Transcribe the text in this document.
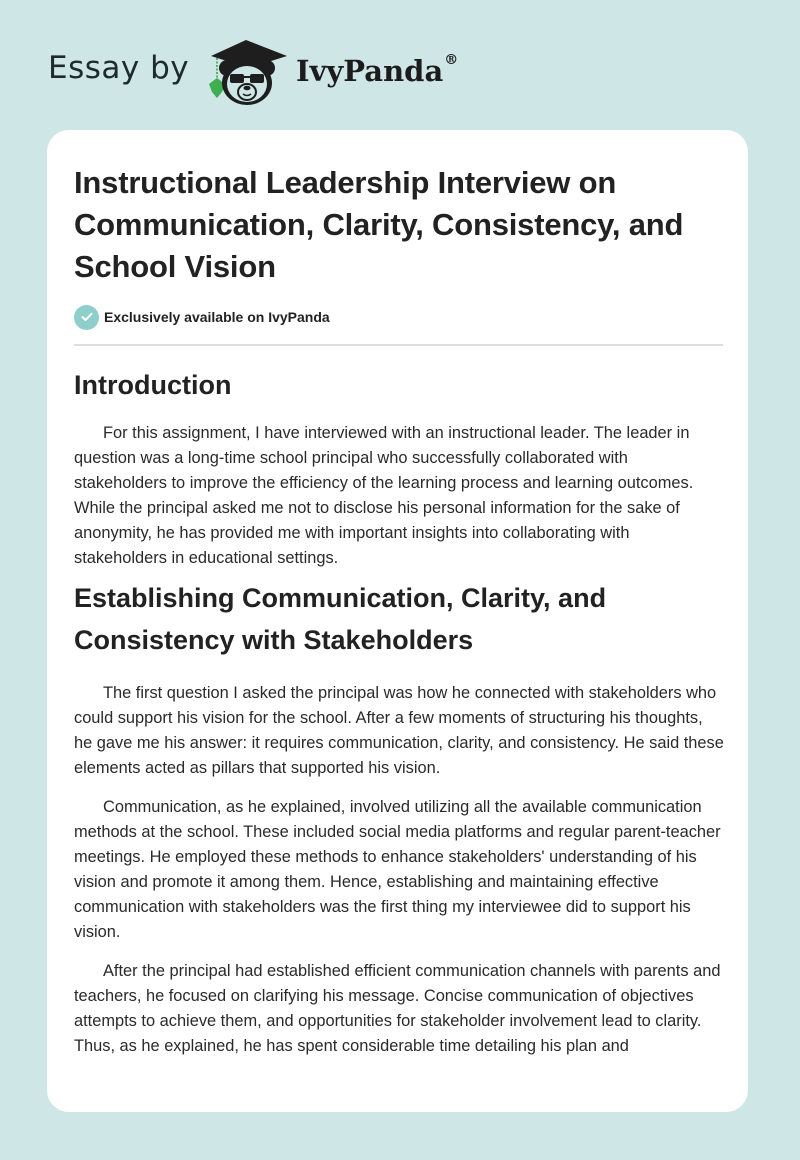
Essay by	IvyPanda®
Instructional Leadership Interview on Communication, Clarity, Consistency, and School Vision
Exclusively available on IvyPanda
Introduction

For this assignment, I have interviewed with an instructional leader. The leader in question was a long-time school principal who successfully collaborated with stakeholders to improve the efficiency of the learning process and learning outcomes. While the principal asked me not to disclose his personal information for the sake of anonymity, he has provided me with important insights into collaborating with stakeholders in educational settings.

Establishing Communication, Clarity, and Consistency with Stakeholders

The first question I asked the principal was how he connected with stakeholders who could support his vision for the school. After a few moments of structuring his thoughts, he gave me his answer: it requires communication, clarity, and consistency. He said these elements acted as pillars that supported his vision.

Communication, as he explained, involved utilizing all the available communication methods at the school. These included social media platforms and regular parent-teacher meetings. He employed these methods to enhance stakeholders' understanding of his vision and promote it among them. Hence, establishing and maintaining effective communication with stakeholders was the first thing my interviewee did to support his vision.

After the principal had established efficient communication channels with parents and teachers, he focused on clarifying his message. Concise communication of objectives attempts to achieve them, and opportunities for stakeholder involvement lead to clarity. Thus, as he explained, he has spent considerable time detailing his plan and
